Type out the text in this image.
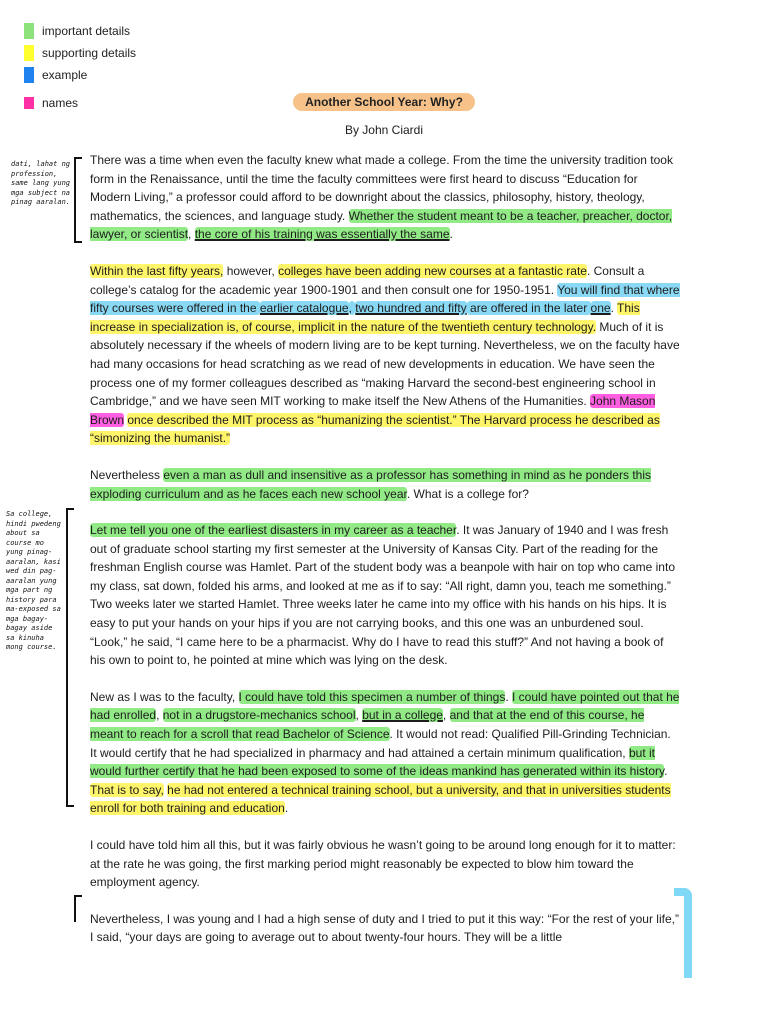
important details
supporting details
example
names	Another School Year: Why?
By John Ciardi
dati, lahat ng profession, same lang yung mga subject na pinag aaralan.
Sa college, hindi pwedeng about sa course mo yung pinag-aaralan, kasi wed din pag-aaralan yung mga part ng history para ma-exposed sa mga bagay-bagay aside sa kinuha mong course.

There was a time when even the faculty knew what made a college. From the time the university tradition took form in the Renaissance, until the time the faculty committees were first heard to discuss “Education for Modern Living,” a professor could afford to be downright about the classics, philosophy, history, theology, mathematics, the sciences, and language study. Whether the student meant to be a teacher, preacher, doctor, lawyer, or scientist, the core of his training was essentially the same.

Within the last fifty years, however, colleges have been adding new courses at a fantastic rate. Consult a college’s catalog for the academic year 1900-1901 and then consult one for 1950-1951. You will find that where fifty courses were offered in the earlier catalogue, two hundred and fifty are offered in the later one. This increase in specialization is, of course, implicit in the nature of the twentieth century technology. Much of it is absolutely necessary if the wheels of modern living are to be kept turning. Nevertheless, we on the faculty have had many occasions for head scratching as we read of new developments in education. We have seen the process one of my former colleagues described as “making Harvard the second-best engineering school in Cambridge,” and we have seen MIT working to make itself the New Athens of the Humanities. John Mason Brown once described the MIT process as “humanizing the scientist.” The Harvard process he described as “simonizing the humanist.”

Nevertheless even a man as dull and insensitive as a professor has something in mind as he ponders this exploding curriculum and as he faces each new school year. What is a college for?

Let me tell you one of the earliest disasters in my career as a teacher. It was January of 1940 and I was fresh out of graduate school starting my first semester at the University of Kansas City. Part of the reading for the freshman English course was Hamlet. Part of the student body was a beanpole with hair on top who came into my class, sat down, folded his arms, and looked at me as if to say: “All right, damn you, teach me something.” Two weeks later we started Hamlet. Three weeks later he came into my office with his hands on his hips. It is easy to put your hands on your hips if you are not carrying books, and this one was an unburdened soul. “Look,” he said, “I came here to be a pharmacist. Why do I have to read this stuff?” And not having a book of his own to point to, he pointed at mine which was lying on the desk.

New as I was to the faculty, I could have told this specimen a number of things. I could have pointed out that he had enrolled, not in a drugstore-mechanics school, but in a college, and that at the end of this course, he meant to reach for a scroll that read Bachelor of Science. It would not read: Qualified Pill-Grinding Technician. It would certify that he had specialized in pharmacy and had attained a certain minimum qualification, but it would further certify that he had been exposed to some of the ideas mankind has generated within its history. That is to say, he had not entered a technical training school, but a university, and that in universities students enroll for both training and education.

I could have told him all this, but it was fairly obvious he wasn’t going to be around long enough for it to matter: at the rate he was going, the first marking period might reasonably be expected to blow him toward the employment agency.

Nevertheless, I was young and I had a high sense of duty and I tried to put it this way: “For the rest of your life,” I said, “your days are going to average out to about twenty-four hours. They will be a little
